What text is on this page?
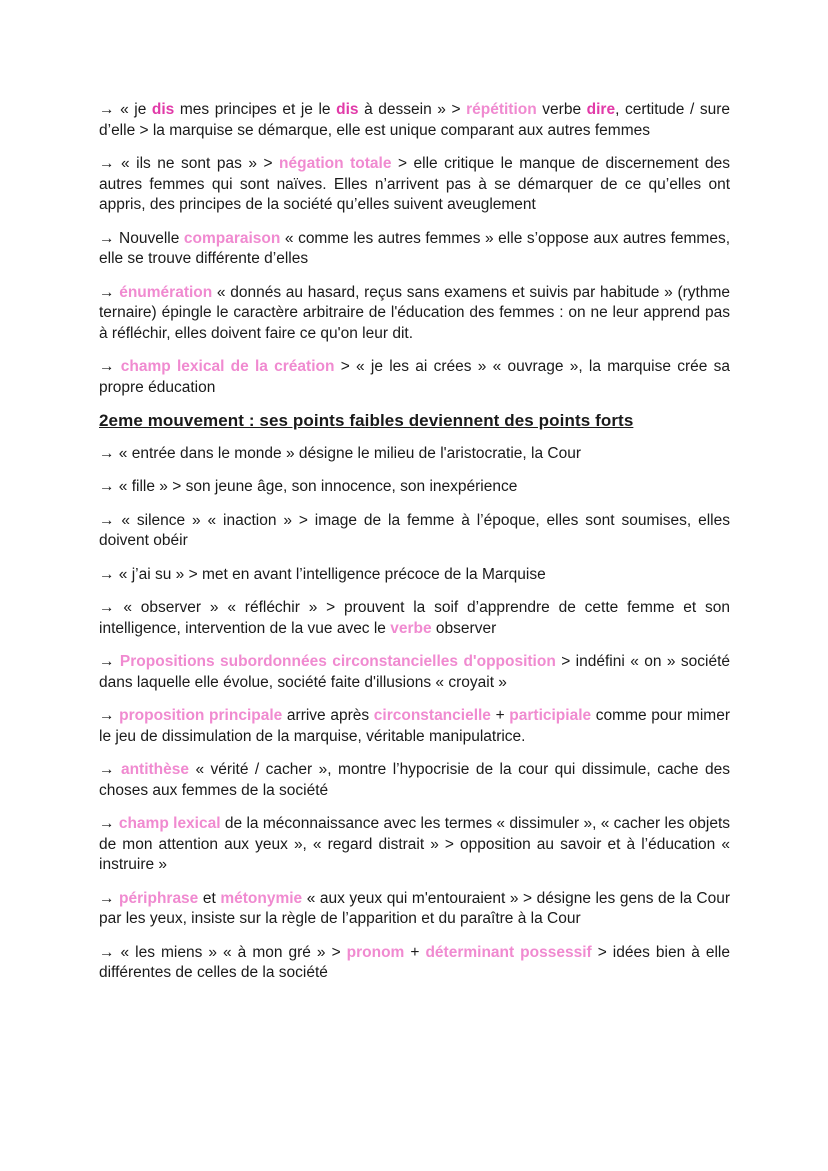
→ « je dis mes principes et je le dis à dessein » > répétition verbe dire, certitude / sure d’elle > la marquise se démarque, elle est unique comparant aux autres femmes

→ « ils ne sont pas » > négation totale > elle critique le manque de discernement des autres femmes qui sont naïves. Elles n’arrivent pas à se démarquer de ce qu’elles ont appris, des principes de la société qu’elles suivent aveuglement

→ Nouvelle comparaison « comme les autres femmes » elle s’oppose aux autres femmes, elle se trouve différente d’elles

→ énumération « donnés au hasard, reçus sans examens et suivis par habitude » (rythme ternaire) épingle le caractère arbitraire de l'éducation des femmes : on ne leur apprend pas à réfléchir, elles doivent faire ce qu'on leur dit.

→ champ lexical de la création > « je les ai crées » « ouvrage », la marquise crée sa propre éducation

2eme mouvement : ses points faibles deviennent des points forts

→ « entrée dans le monde » désigne le milieu de l'aristocratie, la Cour

→ « fille » > son jeune âge, son innocence, son inexpérience

→ « silence » « inaction » > image de la femme à l’époque, elles sont soumises, elles doivent obéir

→ « j’ai su » > met en avant l’intelligence précoce de la Marquise

→ « observer » « réfléchir » > prouvent la soif d’apprendre de cette femme et son intelligence, intervention de la vue avec le verbe observer

→ Propositions subordonnées circonstancielles d'opposition > indéfini « on » société dans laquelle elle évolue, société faite d'illusions « croyait »

→ proposition principale arrive après circonstancielle + participiale comme pour mimer le jeu de dissimulation de la marquise, véritable manipulatrice.

→ antithèse « vérité / cacher », montre l’hypocrisie de la cour qui dissimule, cache des choses aux femmes de la société

→ champ lexical de la méconnaissance avec les termes « dissimuler », « cacher les objets de mon attention aux yeux », « regard distrait » > opposition au savoir et à l’éducation « instruire »

→ périphrase et métonymie « aux yeux qui m'entouraient » > désigne les gens de la Cour par les yeux, insiste sur la règle de l’apparition et du paraître à la Cour

→ « les miens » « à mon gré » > pronom + déterminant possessif > idées bien à elle différentes de celles de la société
